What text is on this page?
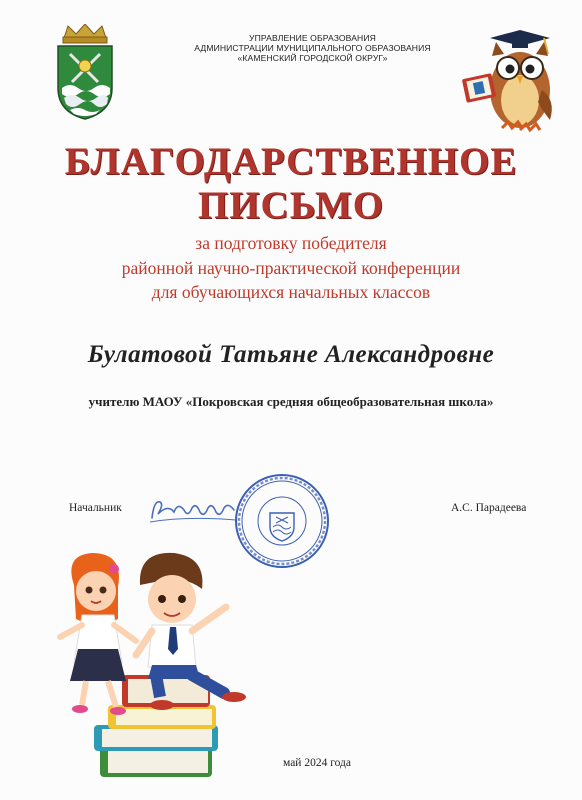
УПРАВЛЕНИЕ ОБРАЗОВАНИЯ
АДМИНИСТРАЦИИ МУНИЦИПАЛЬНОГО ОБРАЗОВАНИЯ
«КАМЕНСКИЙ ГОРОДСКОЙ ОКРУГ»
БЛАГОДАРСТВЕННОЕ
ПИСЬМО
за подготовку победителя
районной научно-практической конференции
для обучающихся начальных классов
Булатовой Татьяне Александровне
учителю МАОУ «Покровская средняя общеобразовательная школа»
Начальник	А.С. Парадеева
май 2024 года
